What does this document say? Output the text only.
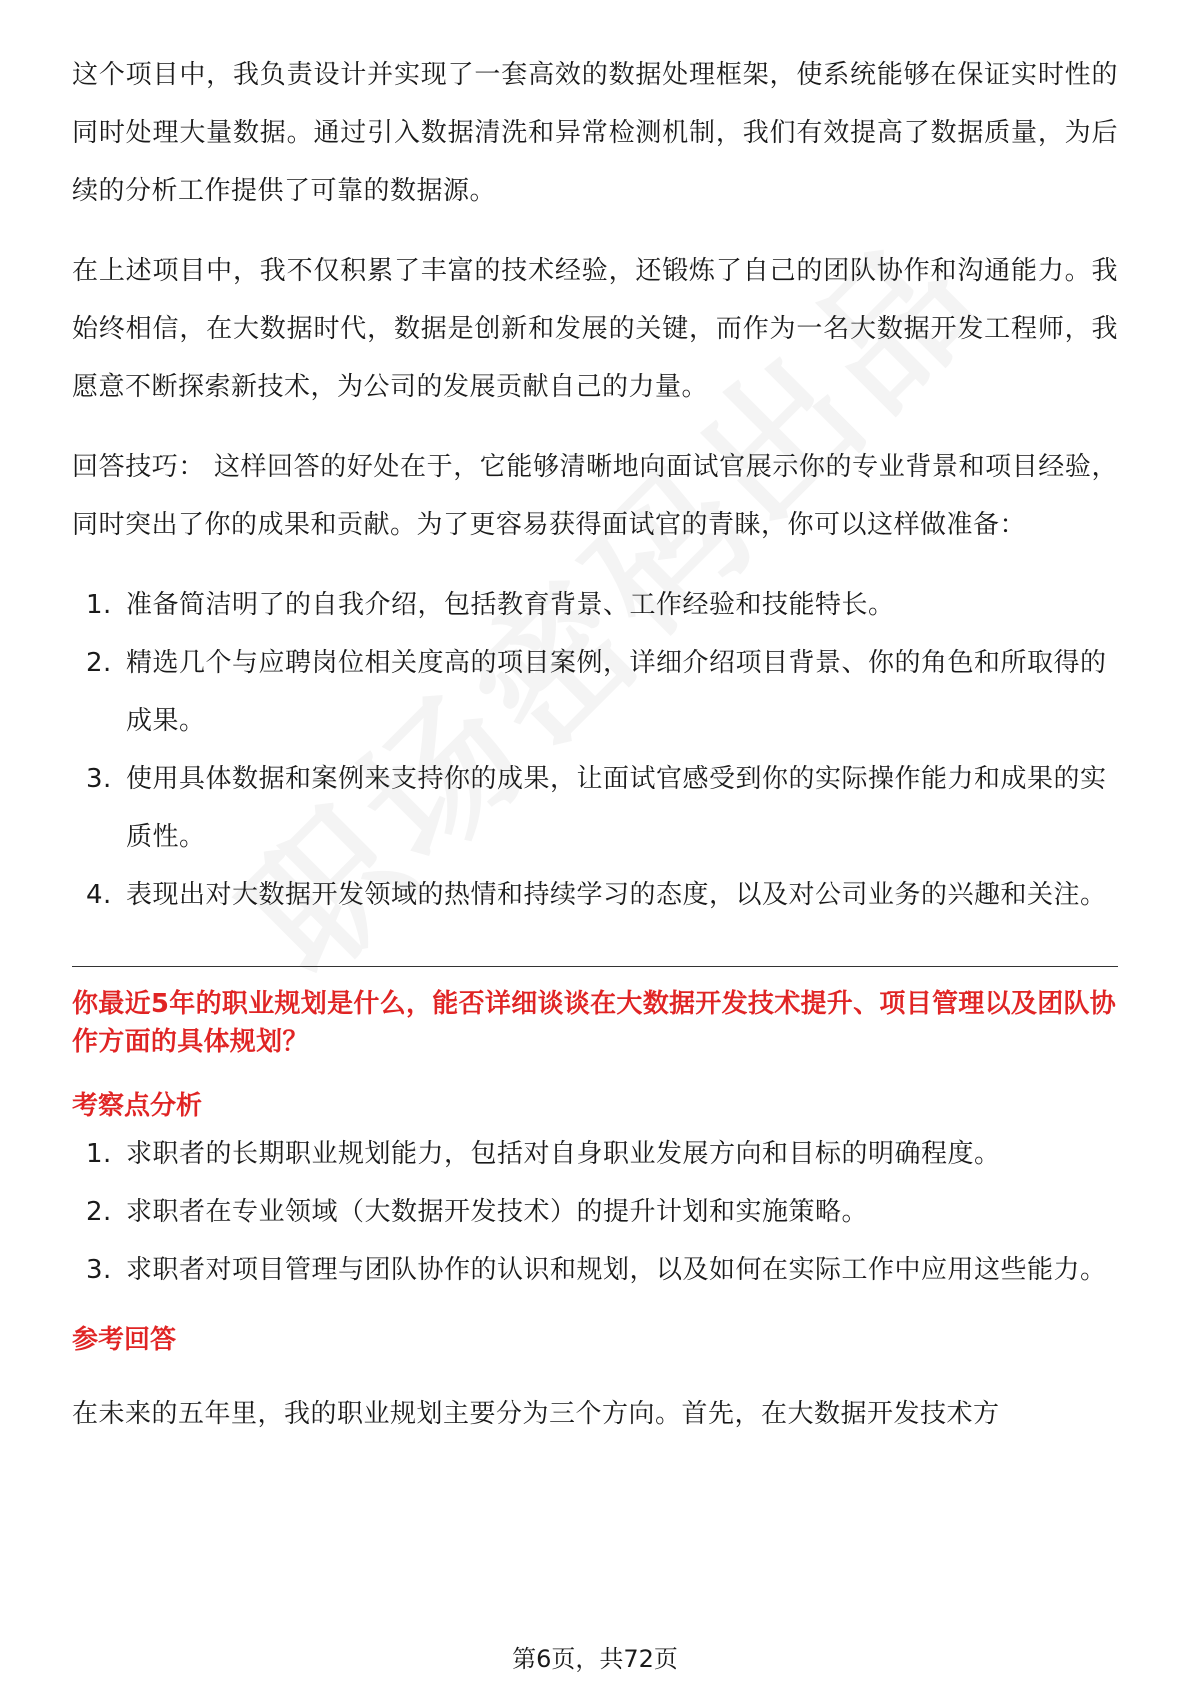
这个项目中，我负责设计并实现了一套高效的数据处理框架，使系统能够在保证实时性的同时处理大量数据。通过引入数据清洗和异常检测机制，我们有效提高了数据质量，为后续的分析工作提供了可靠的数据源。

在上述项目中，我不仅积累了丰富的技术经验，还锻炼了自己的团队协作和沟通能力。我始终相信，在大数据时代，数据是创新和发展的关键，而作为一名大数据开发工程师，我愿意不断探索新技术，为公司的发展贡献自己的力量。

回答技巧： 这样回答的好处在于，它能够清晰地向面试官展示你的专业背景和项目经验，同时突出了你的成果和贡献。为了更容易获得面试官的青睐，你可以这样做准备：

1. 准备简洁明了的自我介绍，包括教育背景、工作经验和技能特长。
2. 精选几个与应聘岗位相关度高的项目案例，详细介绍项目背景、你的角色和所取得的成果。
3. 使用具体数据和案例来支持你的成果，让面试官感受到你的实际操作能力和成果的实质性。
4. 表现出对大数据开发领域的热情和持续学习的态度，以及对公司业务的兴趣和关注。
你最近5年的职业规划是什么，能否详细谈谈在大数据开发技术提升、项目管理以及团队协作方面的具体规划？
考察点分析
1. 求职者的长期职业规划能力，包括对自身职业发展方向和目标的明确程度。
2. 求职者在专业领域（大数据开发技术）的提升计划和实施策略。
3. 求职者对项目管理与团队协作的认识和规划，以及如何在实际工作中应用这些能力。
参考回答
在未来的五年里，我的职业规划主要分为三个方向。首先，在大数据开发技术方
第6页，共72页
